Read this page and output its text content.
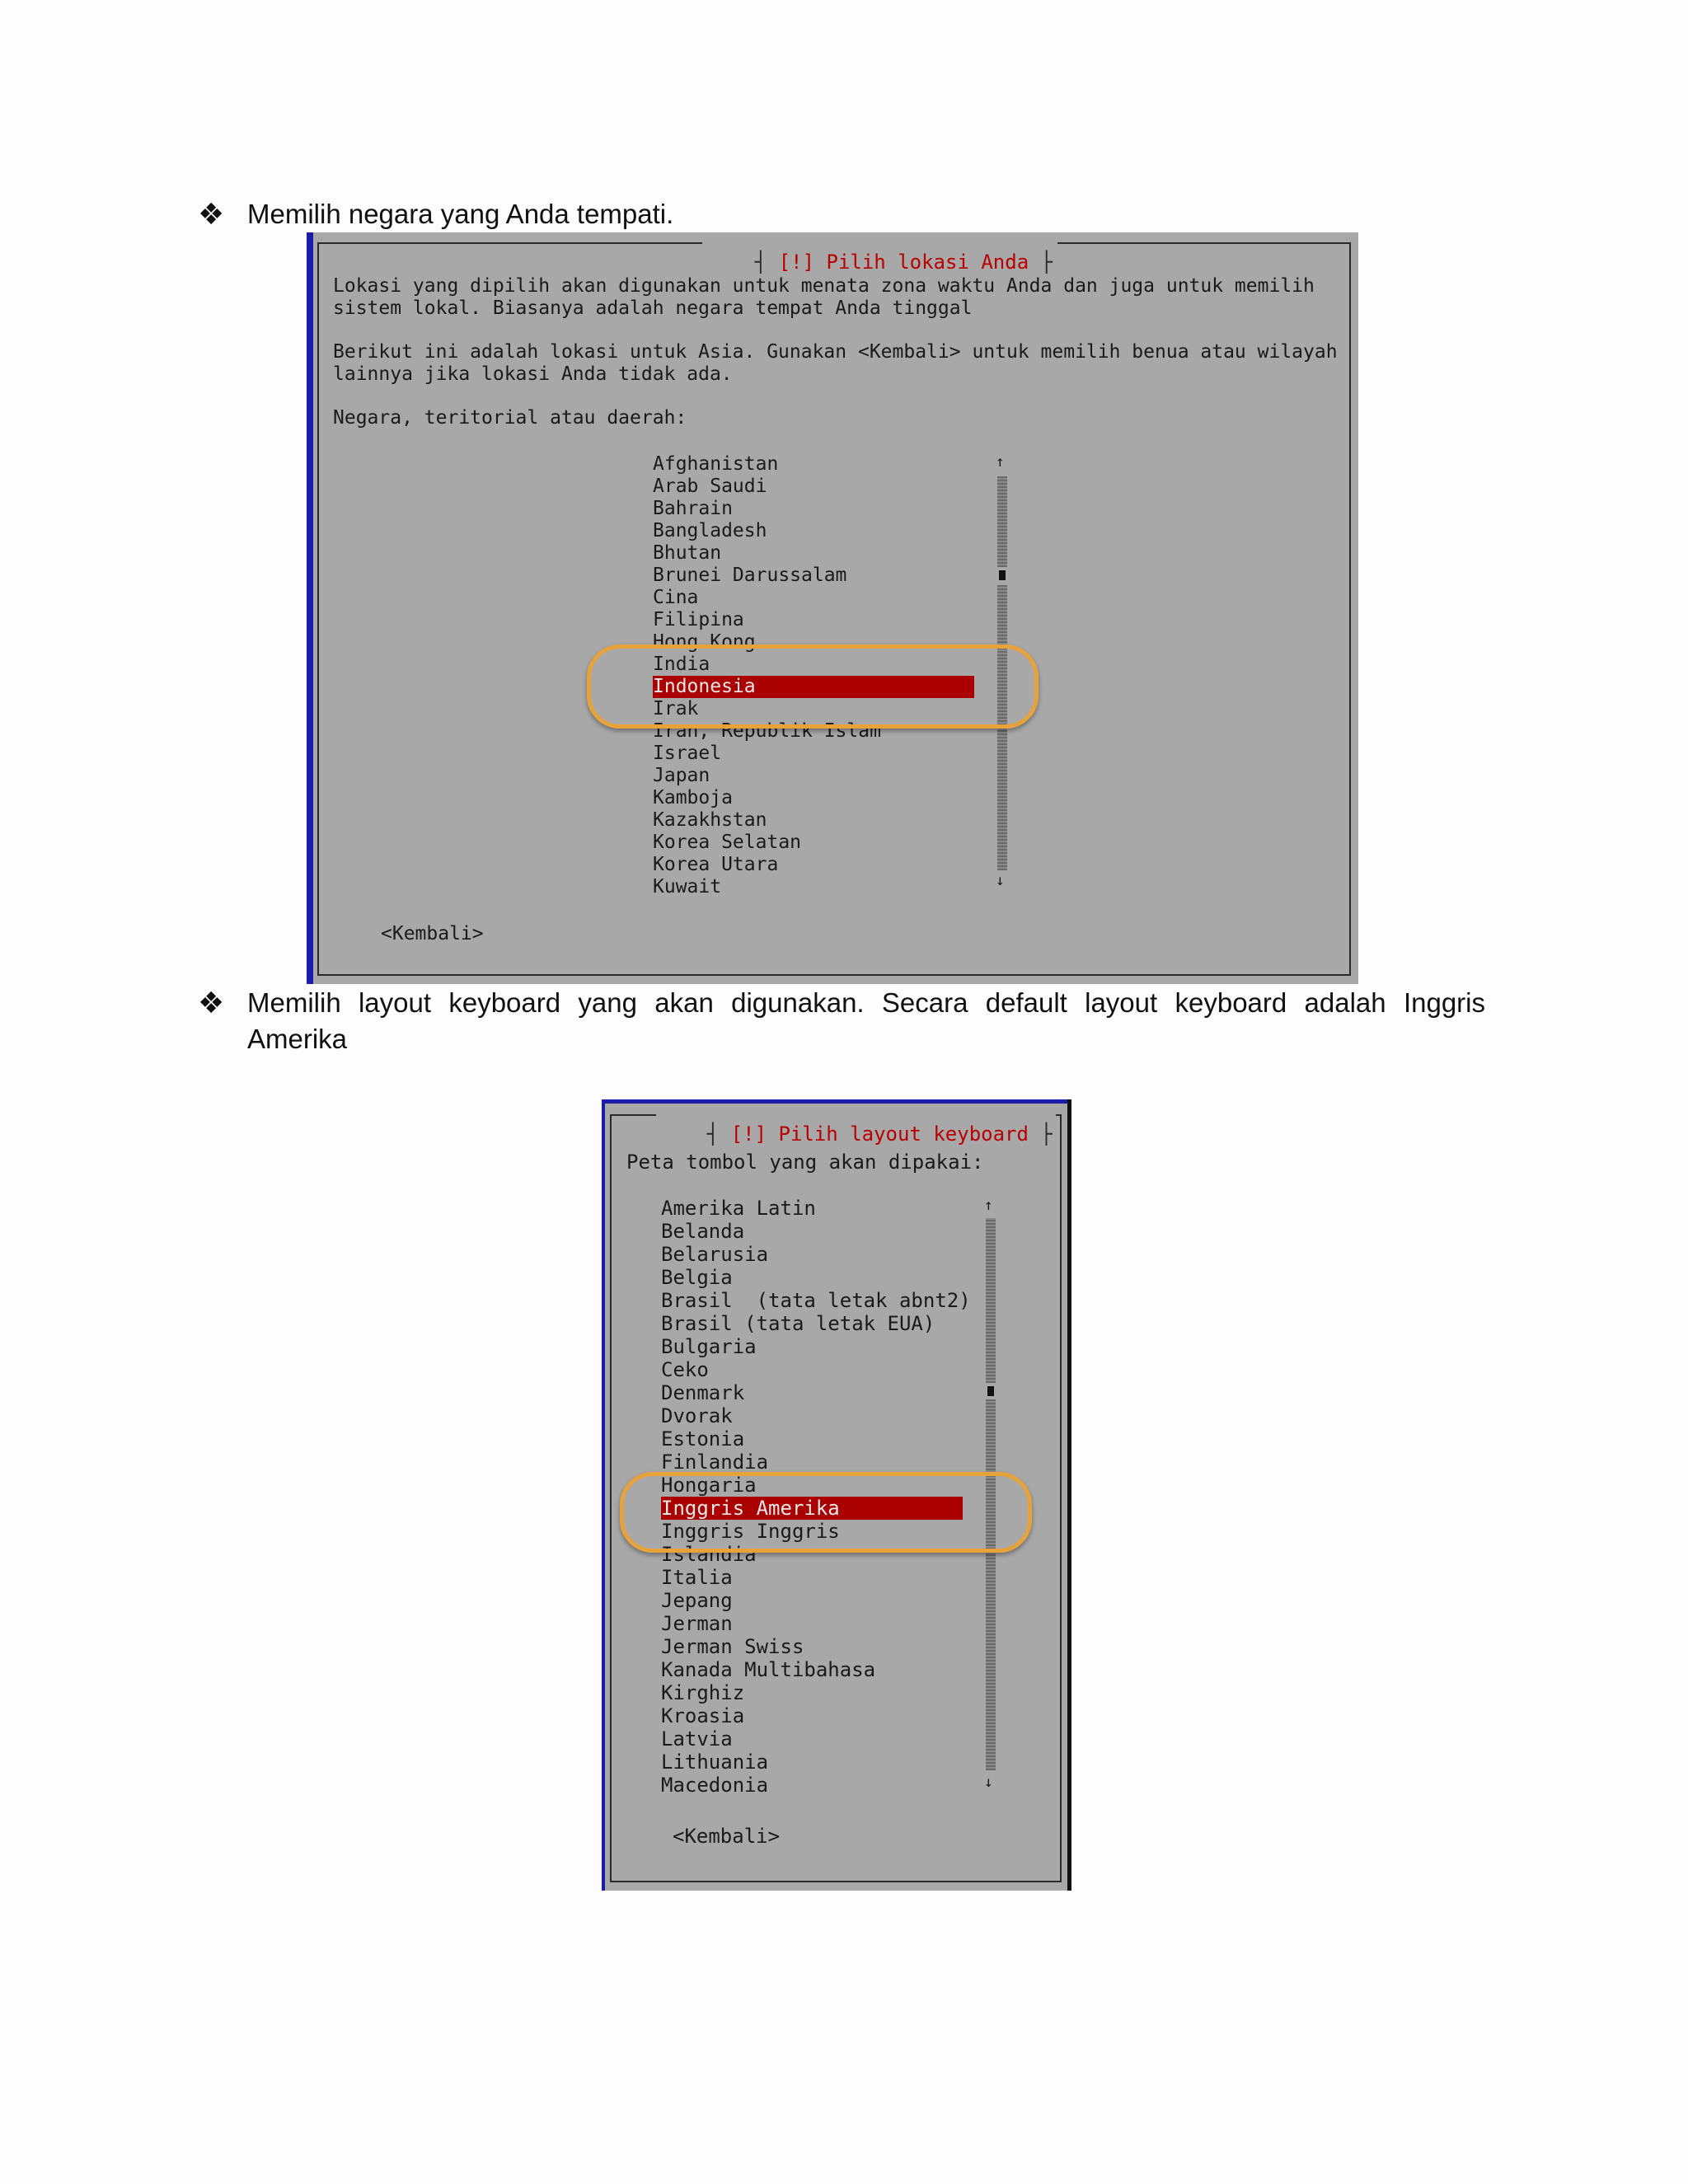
❖ Memilih negara yang Anda tempati.

┤ [!] Pilih lokasi Anda ├

Lokasi yang dipilih akan digunakan untuk menata zona waktu Anda dan juga untuk memilih
sistem lokal. Biasanya adalah negara tempat Anda tinggal
Berikut ini adalah lokasi untuk Asia. Gunakan <Kembali> untuk memilih benua atau wilayah
lainnya jika lokasi Anda tidak ada.
Negara, teritorial atau daerah:
Afghanistan
Arab Saudi
Bahrain
Bangladesh
Bhutan
Brunei Darussalam
Cina
Filipina
Hong Kong
India
Indonesia
Irak
Iran, Republik Islam
Israel
Japan
Kamboja
Kazakhstan
Korea Selatan
Korea Utara
Kuwait
↑
↓
<Kembali>
❖ Memilih layout keyboard yang akan digunakan. Secara default layout keyboard adalah Inggris
Amerika

┤ [!] Pilih layout keyboard ├

Peta tombol yang akan dipakai:
Amerika Latin
Belanda
Belarusia
Belgia
Brasil  (tata letak abnt2)
Brasil (tata letak EUA)
Bulgaria
Ceko
Denmark
Dvorak
Estonia
Finlandia
Hongaria
Inggris Amerika
Inggris Inggris
Islandia
Italia
Jepang
Jerman
Jerman Swiss
Kanada Multibahasa
Kirghiz
Kroasia
Latvia
Lithuania
Macedonia
↑
↓
<Kembali>
